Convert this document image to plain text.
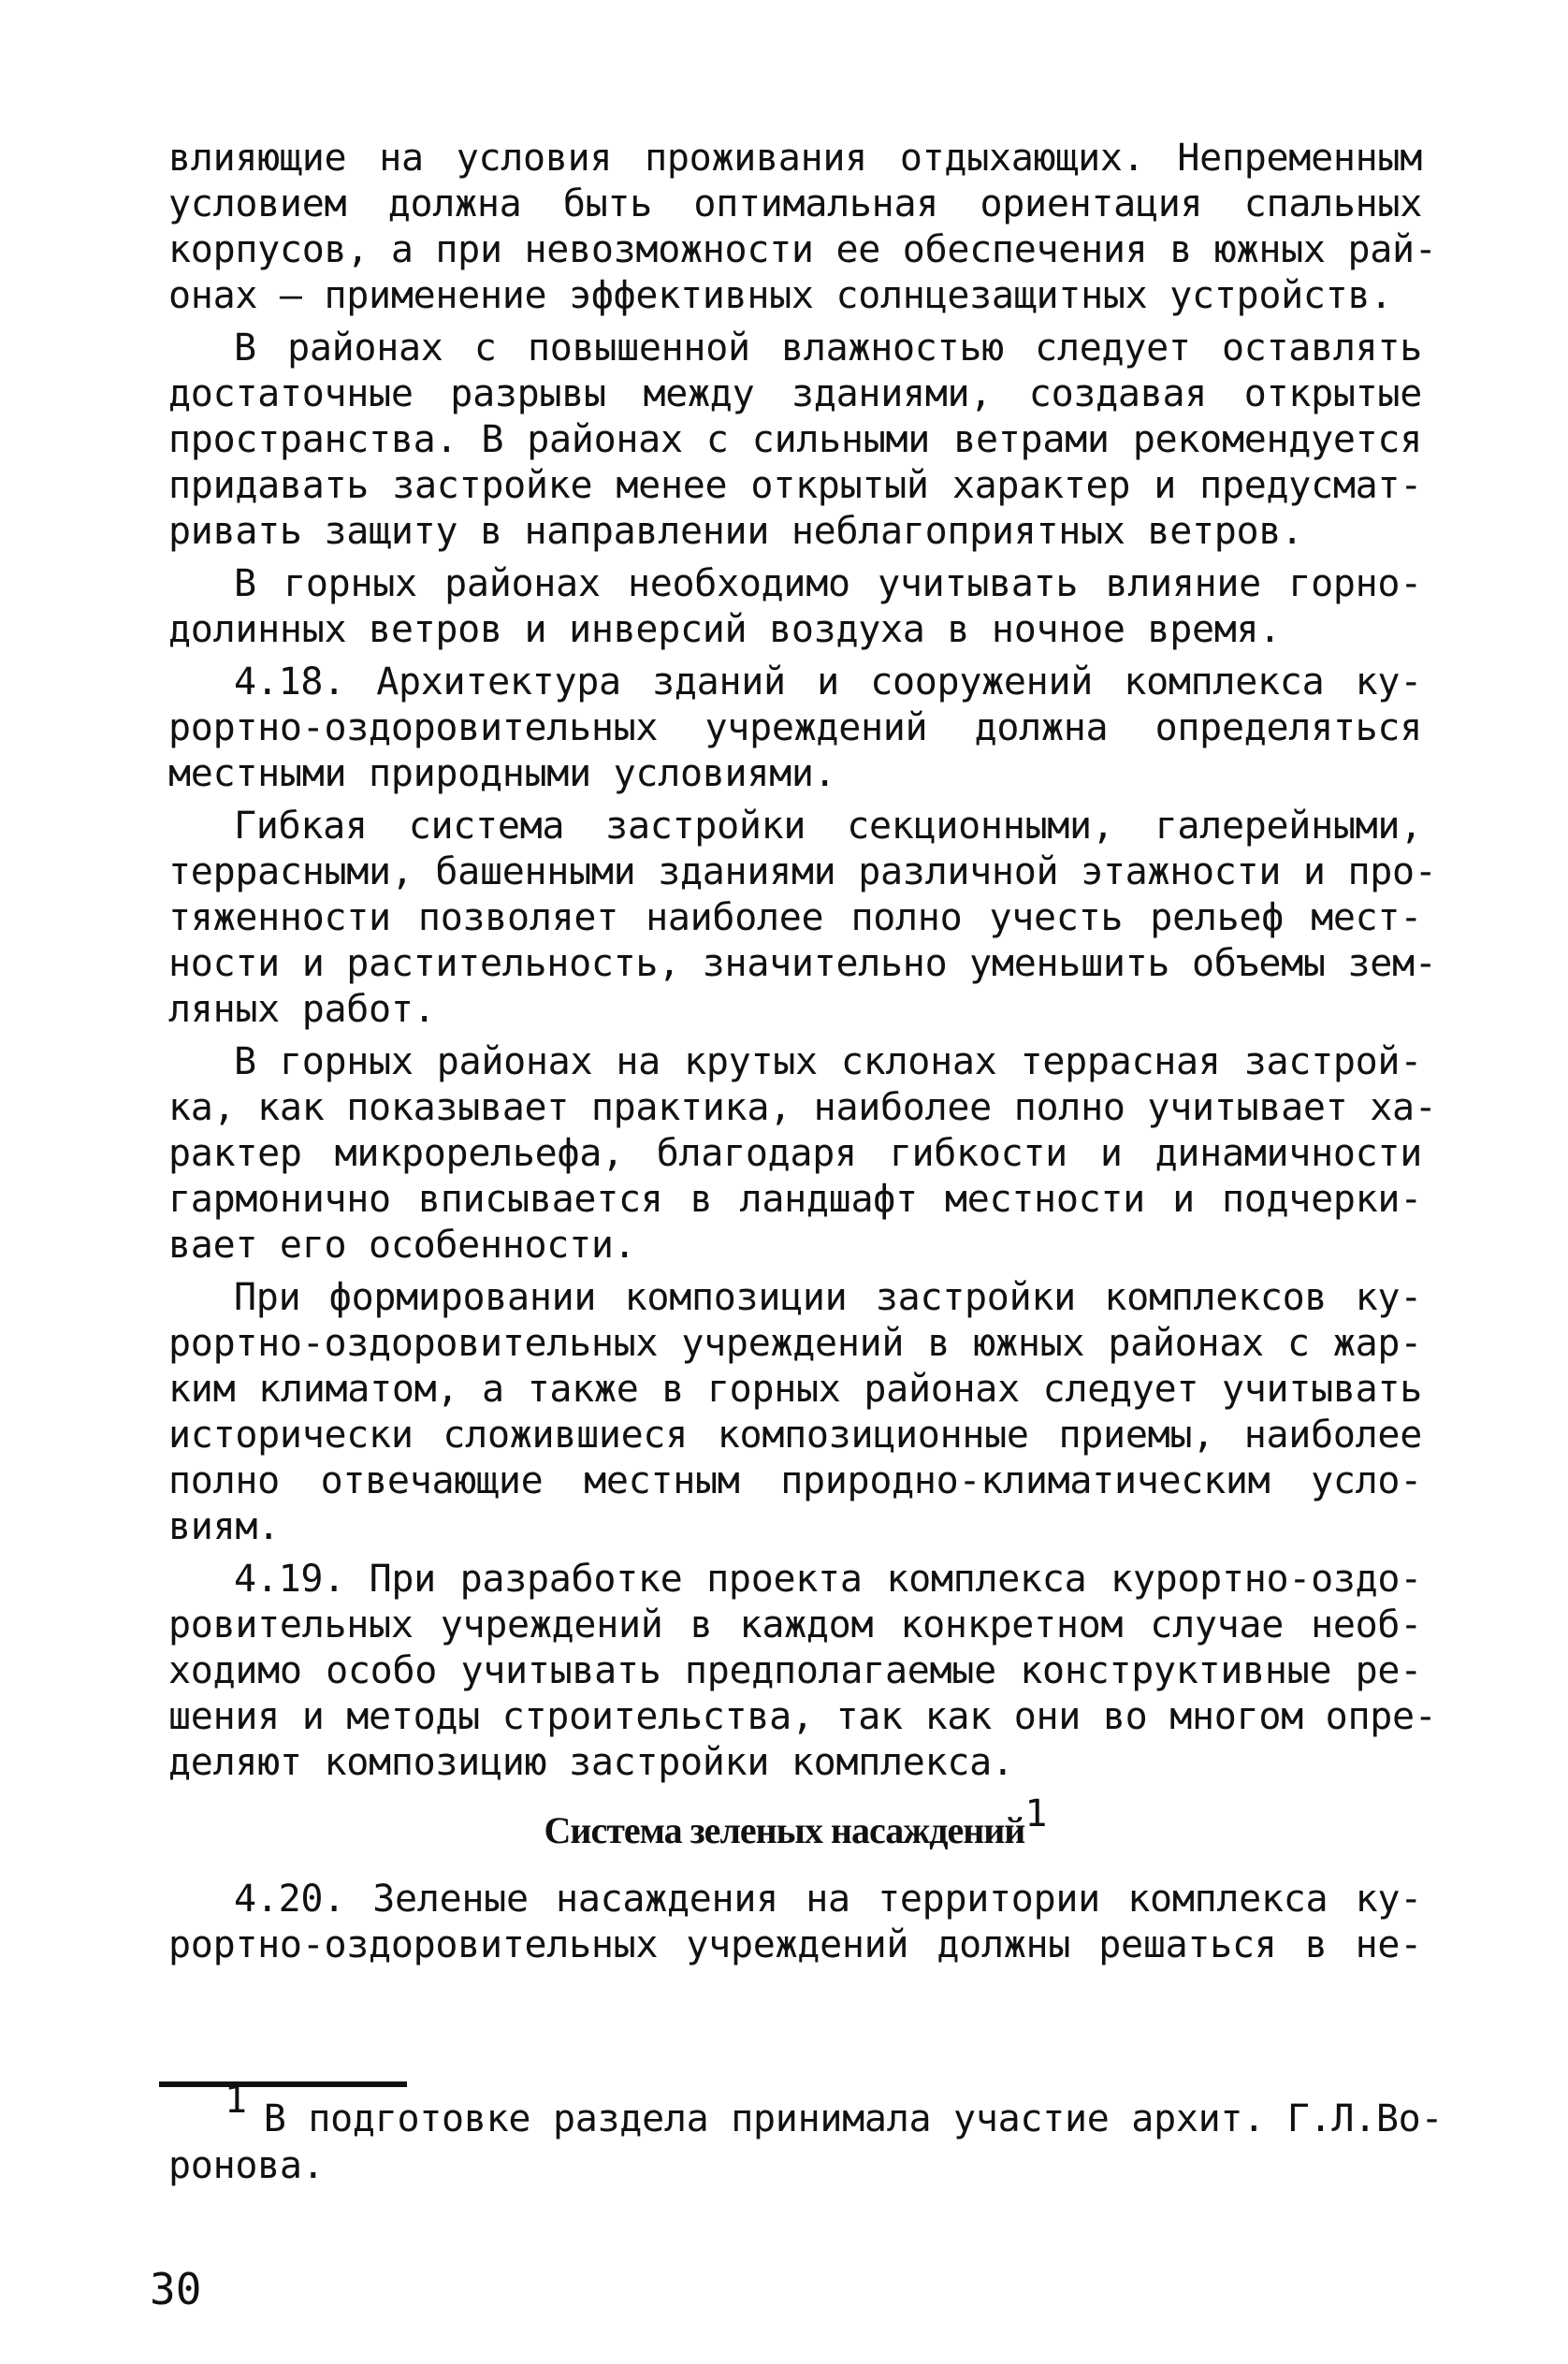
влияющие на условия проживания отдыхающих. Непременным
условием должна быть оптимальная ориентация спальных
корпусов, а при невозможности ее обеспечения в южных рай-
онах – применение эффективных солнцезащитных устройств.
В районах с повышенной влажностью следует оставлять
достаточные разрывы между зданиями, создавая открытые
пространства. В районах с сильными ветрами рекомендуется
придавать застройке менее открытый характер и предусмат-
ривать защиту в направлении неблагоприятных ветров.
В горных районах необходимо учитывать влияние горно-
долинных ветров и инверсий воздуха в ночное время.
4.18. Архитектура зданий и сооружений комплекса ку-
рортно-оздоровительных учреждений должна определяться
местными природными условиями.
Гибкая система застройки секционными, галерейными,
террасными, башенными зданиями различной этажности и про-
тяженности позволяет наиболее полно учесть рельеф мест-
ности и растительность, значительно уменьшить объемы зем-
ляных работ.
В горных районах на крутых склонах террасная застрой-
ка, как показывает практика, наиболее полно учитывает ха-
рактер микрорельефа, благодаря гибкости и динамичности
гармонично вписывается в ландшафт местности и подчерки-
вает его особенности.
При формировании композиции застройки комплексов ку-
рортно-оздоровительных учреждений в южных районах с жар-
ким климатом, а также в горных районах следует учитывать
исторически сложившиеся композиционные приемы, наиболее
полно отвечающие местным природно-климатическим усло-
виям.
4.19. При разработке проекта комплекса курортно-оздо-
ровительных учреждений в каждом конкретном случае необ-
ходимо особо учитывать предполагаемые конструктивные ре-
шения и методы строительства, так как они во многом опре-
деляют композицию застройки комплекса.
Система зеленых насаждений$^1$
4.20. Зеленые насаждения на территории комплекса ку-
рортно-оздоровительных учреждений должны решаться в не-
1 В подготовке раздела принимала участие архит. Г.Л.Во-
ронова.
30
